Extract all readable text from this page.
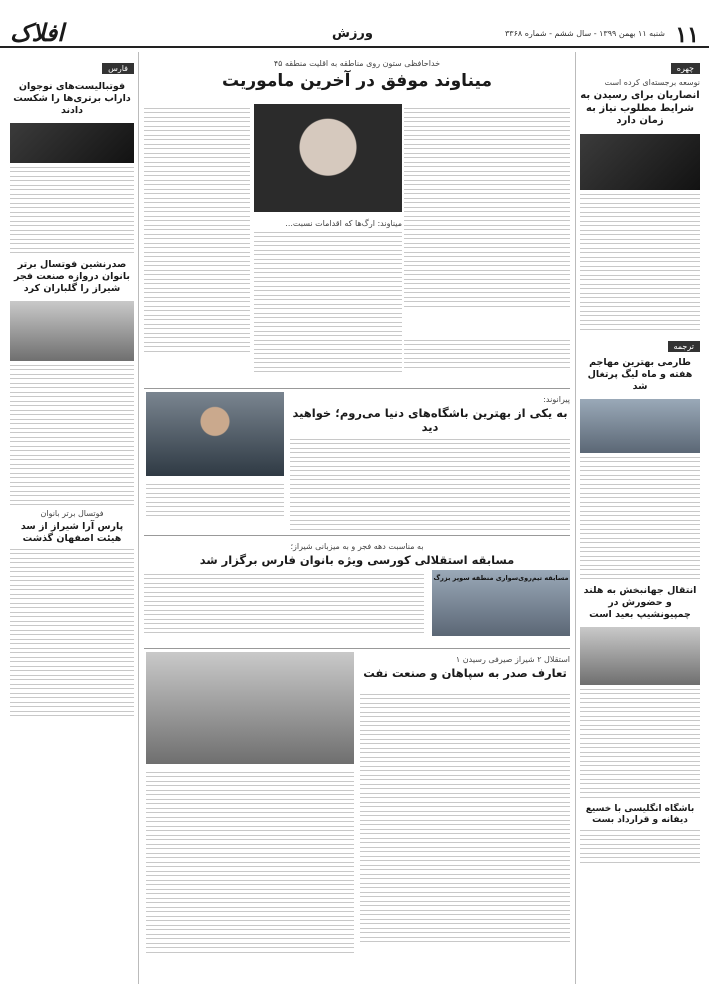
۱۱
شنبه ۱۱ بهمن ۱۳۹۹ - سال ششم - شماره ۳۳۶۸
ورزش
افلاک
فارس
فوتبالیست‌های نوجوان داراب برتری‌ها را شکست دادند
صدرنشین فوتسال برتر بانوان دروازه صنعت فجر شیراز را گلباران کرد
فوتسال برتر بانوان
پارس آرا شیراز از سد هیئت اصفهان گذشت
چهره
نوسعه برجسته‌ای کرده است
انصاریان برای رسیدن به شرایط مطلوب نیاز به زمان دارد
ترجمه
طارمی بهترین مهاجم هفته و ماه لیگ پرتغال شد
انتقال جهانبخش به هلند و حضورش در چمپیونشیپ بعید است
باشگاه انگلیسی با خسیع دیفانه و قرارداد بست
خداحافظی ستون روی مناطقه به اقلیت منطقه ۴۵
میناوند موفق در آخرین ماموریت
میناوند: ارگ‌ها که اقدامات نسبت...
پیرانوند:
به یکی از بهترین باشگاه‌های دنیا می‌روم؛ خواهید دید
به مناسبت دهه فجر و به میزبانی شیراز؛
مسابقه استقلالی کورسی ویژه بانوان فارس برگزار شد
مسابقه تیم‌روی‌سواری منطقه سوپر بزرگ
استقلال ۲ شیراز صیرفی رسیدن ۱
تعارف صدر به سپاهان و صنعت نفت
